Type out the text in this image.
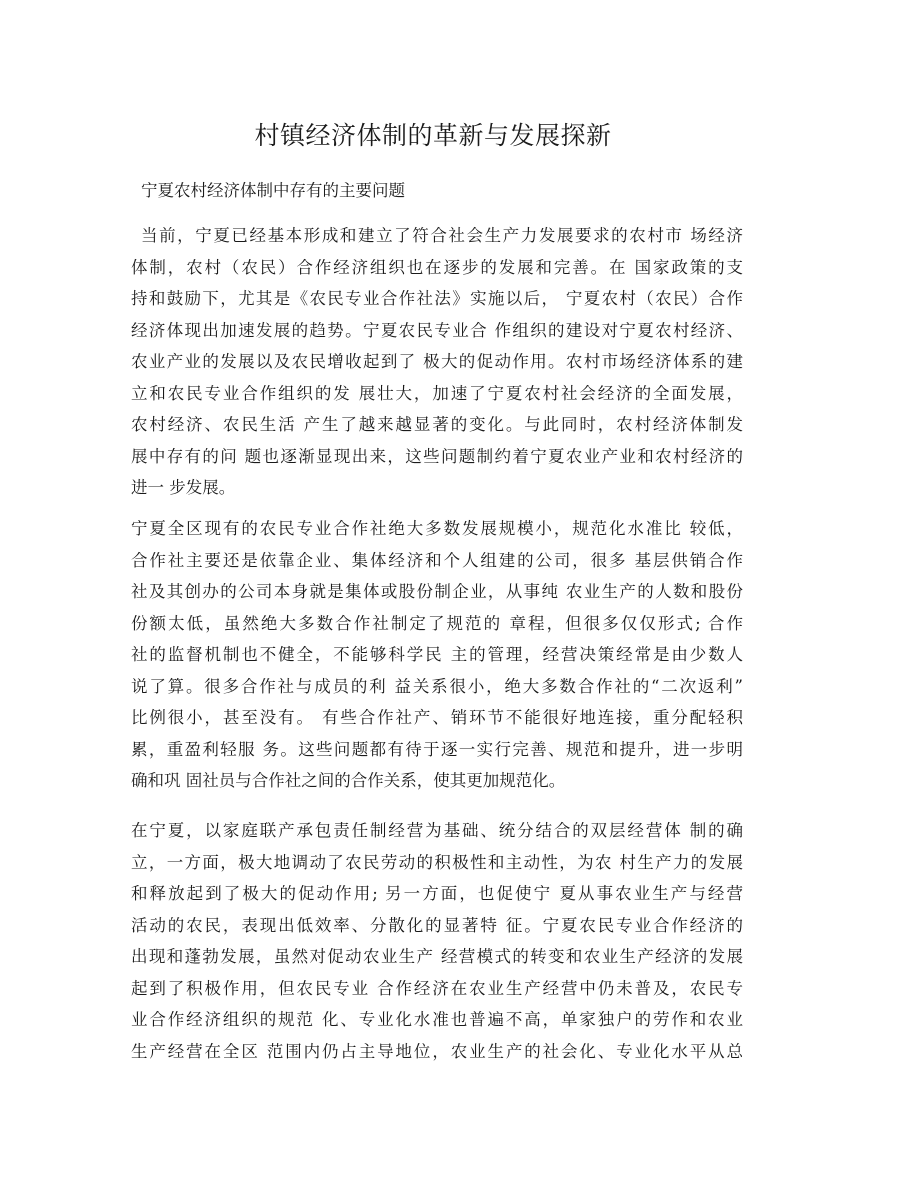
村镇经济体制的革新与发展探新
宁夏农村经济体制中存有的主要问题
当前，宁夏已经基本形成和建立了符合社会生产力发展要求的农村市 场经济
体制，农村（农民）合作经济组织也在逐步的发展和完善。在 国家政策的支
持和鼓励下，尤其是《农民专业合作社法》实施以后， 宁夏农村（农民）合作
经济体现出加速发展的趋势。宁夏农民专业合 作组织的建设对宁夏农村经济、
农业产业的发展以及农民增收起到了 极大的促动作用。农村市场经济体系的建
立和农民专业合作组织的发 展壮大，加速了宁夏农村社会经济的全面发展，
农村经济、农民生活 产生了越来越显著的变化。与此同时，农村经济体制发
展中存有的问 题也逐渐显现出来，这些问题制约着宁夏农业产业和农村经济的
进一 步发展。
宁夏全区现有的农民专业合作社绝大多数发展规模小，规范化水准比 较低，
合作社主要还是依靠企业、集体经济和个人组建的公司，很多 基层供销合作
社及其创办的公司本身就是集体或股份制企业，从事纯 农业生产的人数和股份
份额太低，虽然绝大多数合作社制定了规范的 章程，但很多仅仅形式; 合作
社的监督机制也不健全，不能够科学民 主的管理，经营决策经常是由少数人
说了算。很多合作社与成员的利 益关系很小，绝大多数合作社的“二次返利”
比例很小，甚至没有。 有些合作社产、销环节不能很好地连接，重分配轻积
累，重盈利轻服 务。这些问题都有待于逐一实行完善、规范和提升，进一步明
确和巩 固社员与合作社之间的合作关系，使其更加规范化。
在宁夏，以家庭联产承包责任制经营为基础、统分结合的双层经营体 制的确
立，一方面，极大地调动了农民劳动的积极性和主动性，为农 村生产力的发展
和释放起到了极大的促动作用; 另一方面，也促使宁 夏从事农业生产与经营
活动的农民，表现出低效率、分散化的显著特 征。宁夏农民专业合作经济的
出现和蓬勃发展，虽然对促动农业生产 经营模式的转变和农业生产经济的发展
起到了积极作用，但农民专业 合作经济在农业生产经营中仍未普及，农民专
业合作经济组织的规范 化、专业化水准也普遍不高，单家独户的劳作和农业
生产经营在全区 范围内仍占主导地位，农业生产的社会化、专业化水平从总
